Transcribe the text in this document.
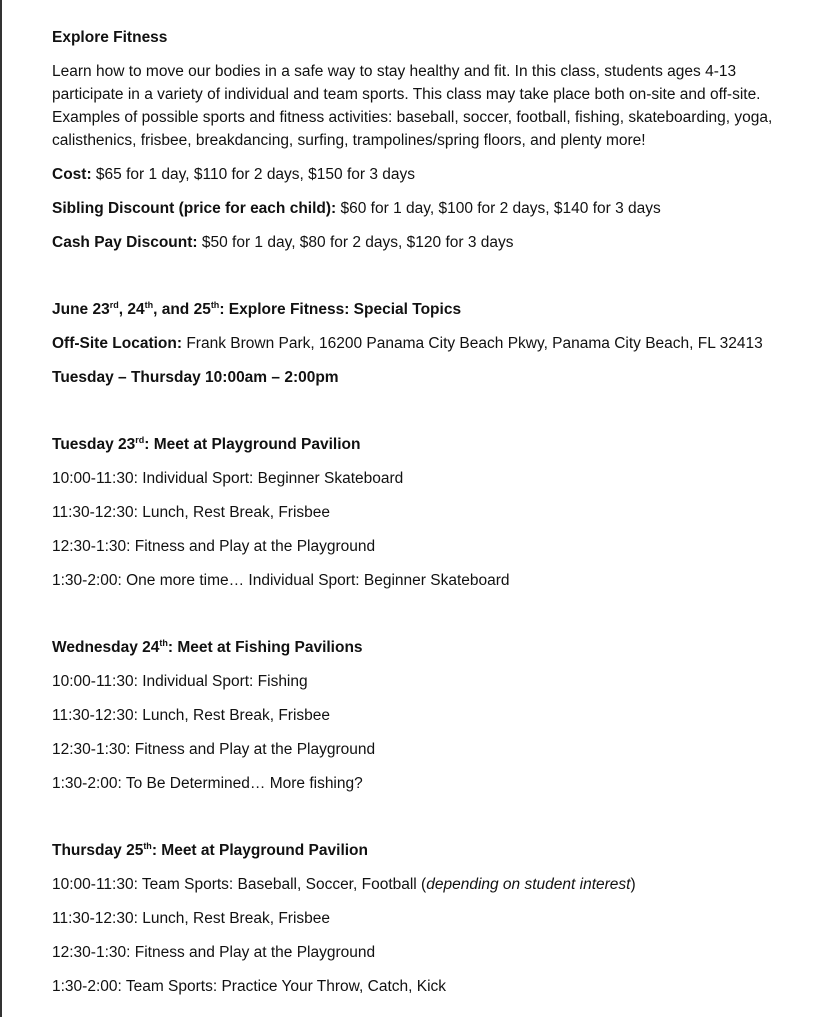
Explore Fitness

Learn how to move our bodies in a safe way to stay healthy and fit. In this class, students ages 4-13 participate in a variety of individual and team sports. This class may take place both on-site and off-site. Examples of possible sports and fitness activities: baseball, soccer, football, fishing, skateboarding, yoga, calisthenics, frisbee, breakdancing, surfing, trampolines/spring floors, and plenty more!

Cost: $65 for 1 day, $110 for 2 days, $150 for 3 days

Sibling Discount (price for each child): $60 for 1 day, $100 for 2 days, $140 for 3 days

Cash Pay Discount: $50 for 1 day, $80 for 2 days, $120 for 3 days

June 23rd, 24th, and 25th: Explore Fitness: Special Topics

Off-Site Location: Frank Brown Park, 16200 Panama City Beach Pkwy, Panama City Beach, FL 32413

Tuesday – Thursday 10:00am – 2:00pm

Tuesday 23rd: Meet at Playground Pavilion

10:00-11:30: Individual Sport: Beginner Skateboard

11:30-12:30: Lunch, Rest Break, Frisbee

12:30-1:30: Fitness and Play at the Playground

1:30-2:00: One more time… Individual Sport: Beginner Skateboard

Wednesday 24th: Meet at Fishing Pavilions

10:00-11:30: Individual Sport: Fishing

11:30-12:30: Lunch, Rest Break, Frisbee

12:30-1:30: Fitness and Play at the Playground

1:30-2:00: To Be Determined… More fishing?

Thursday 25th: Meet at Playground Pavilion

10:00-11:30: Team Sports: Baseball, Soccer, Football (depending on student interest)

11:30-12:30: Lunch, Rest Break, Frisbee

12:30-1:30: Fitness and Play at the Playground

1:30-2:00: Team Sports: Practice Your Throw, Catch, Kick
